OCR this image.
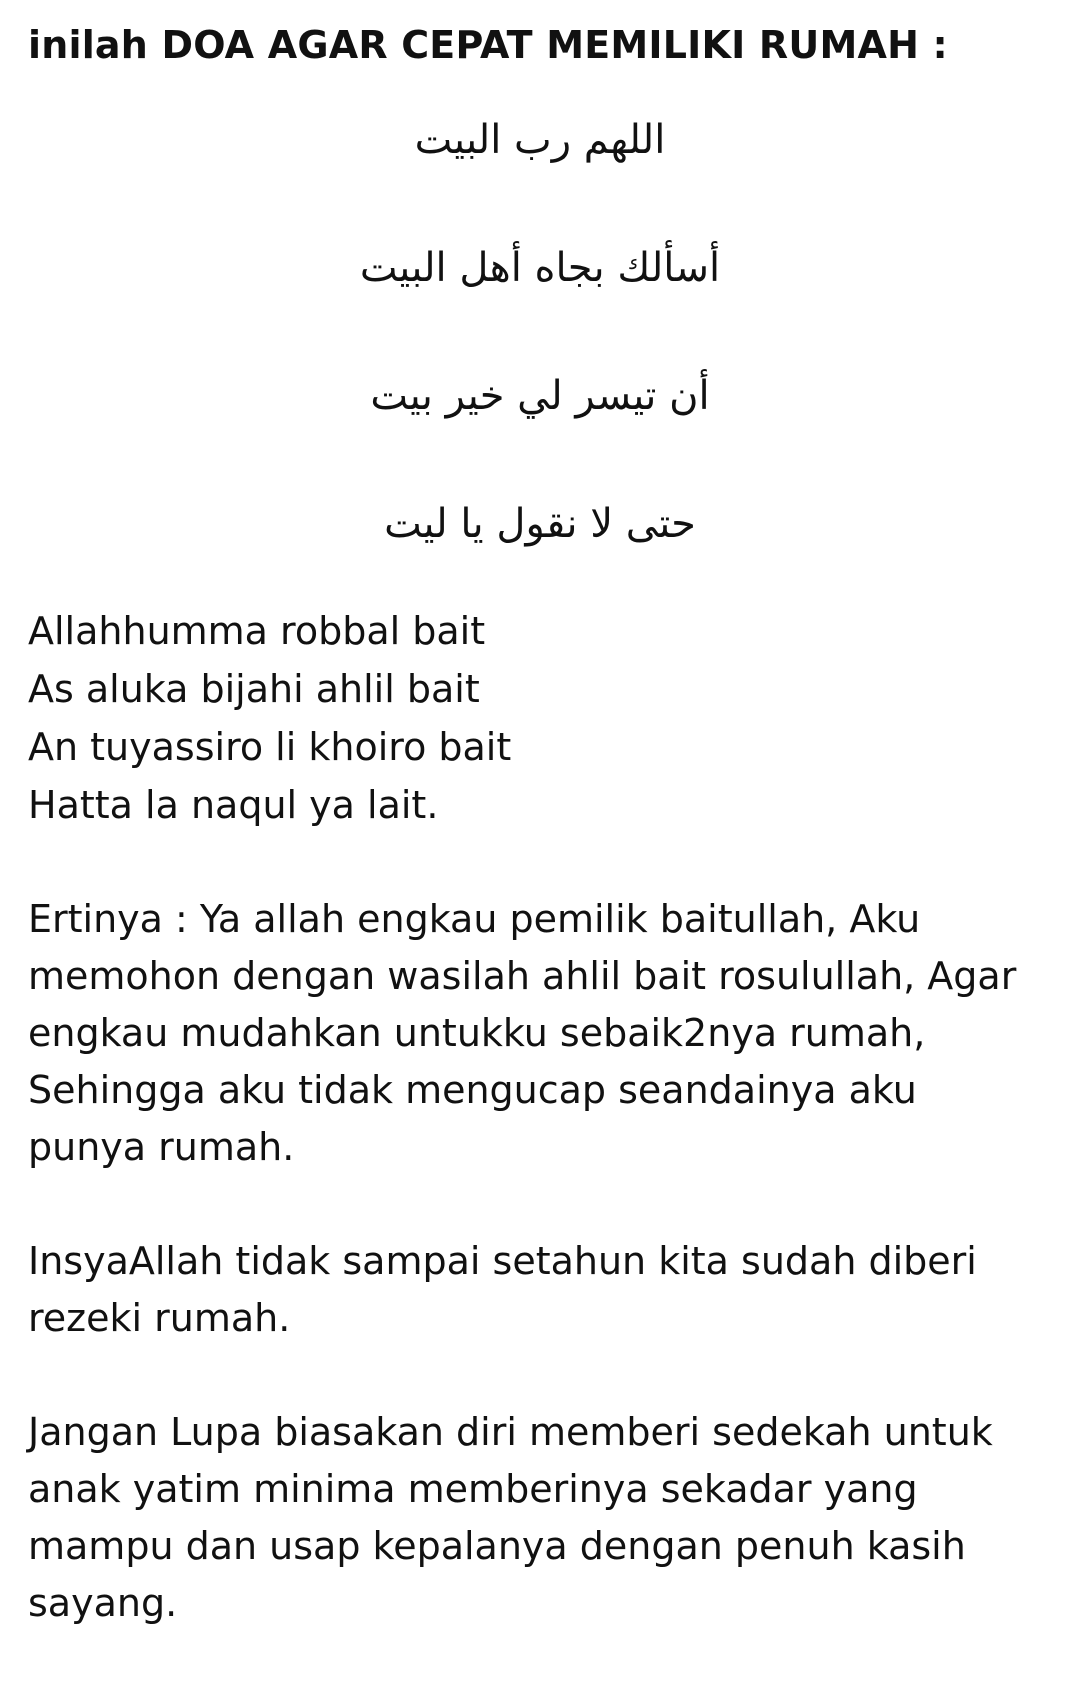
inilah DOA AGAR CEPAT MEMILIKI RUMAH :

اللهم رب البيت

أسألك بجاه أهل البيت

أن تيسر لي خير بيت

حتى لا نقول يا ليت

Allahhumma robbal bait

As aluka bijahi ahlil bait

An tuyassiro li khoiro bait

Hatta la naqul ya lait.

Ertinya : Ya allah engkau pemilik baitullah, Aku

memohon dengan wasilah ahlil bait rosulullah, Agar

engkau mudahkan untukku sebaik2nya rumah,

Sehingga aku tidak mengucap seandainya aku

punya rumah.

InsyaAllah tidak sampai setahun kita sudah diberi

rezeki rumah.

Jangan Lupa biasakan diri memberi sedekah untuk

anak yatim minima memberinya sekadar yang

mampu dan usap kepalanya dengan penuh kasih

sayang.
